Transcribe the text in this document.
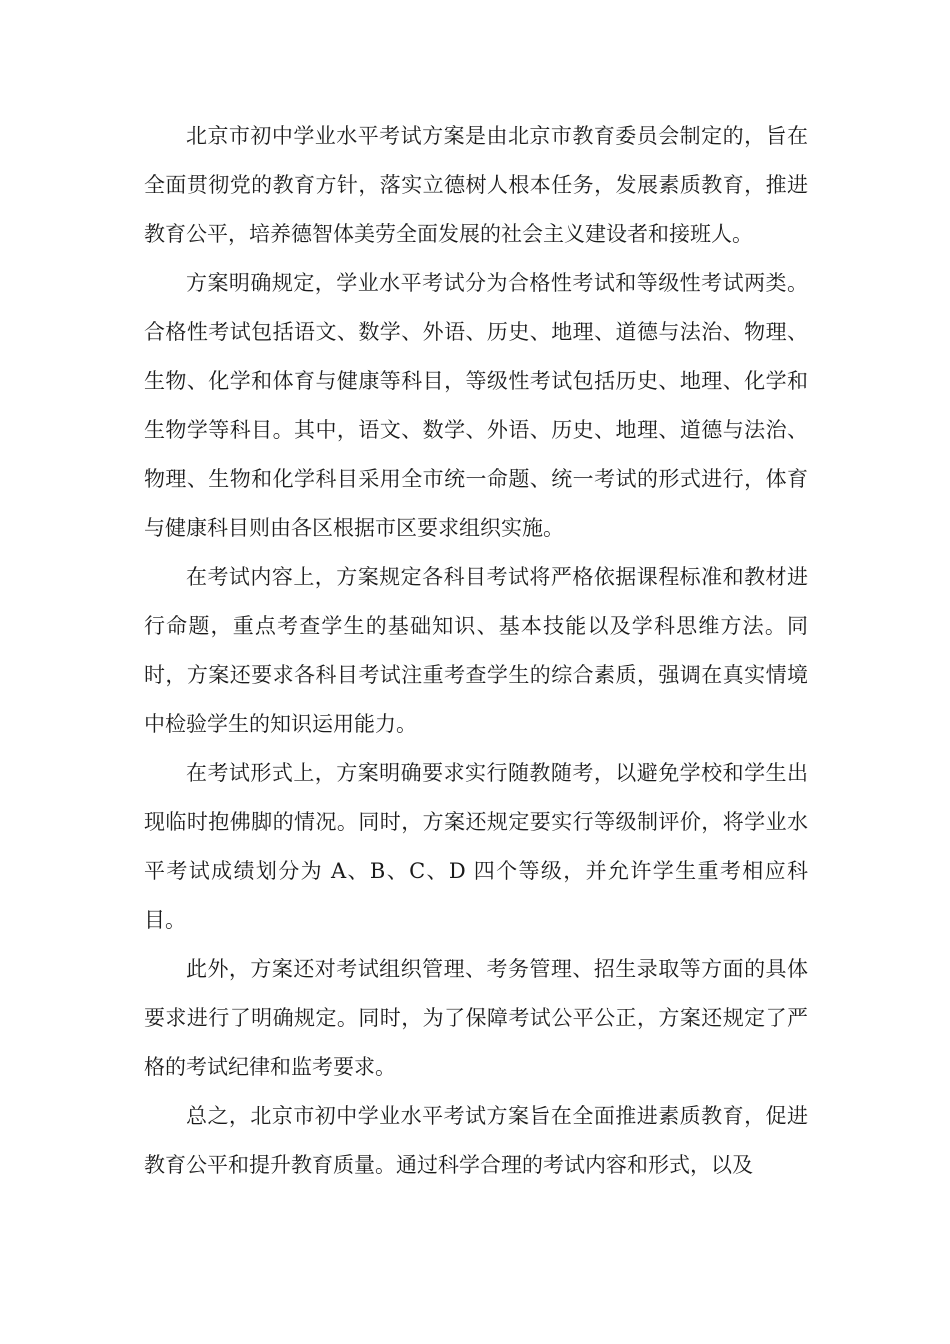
北京市初中学业水平考试方案是由北京市教育委员会制定的，旨在全面贯彻党的教育方针，落实立德树人根本任务，发展素质教育，推进教育公平，培养德智体美劳全面发展的社会主义建设者和接班人。

方案明确规定，学业水平考试分为合格性考试和等级性考试两类。合格性考试包括语文、数学、外语、历史、地理、道德与法治、物理、生物、化学和体育与健康等科目，等级性考试包括历史、地理、化学和生物学等科目。其中，语文、数学、外语、历史、地理、道德与法治、物理、生物和化学科目采用全市统一命题、统一考试的形式进行，体育与健康科目则由各区根据市区要求组织实施。

在考试内容上，方案规定各科目考试将严格依据课程标准和教材进行命题，重点考查学生的基础知识、基本技能以及学科思维方法。同时，方案还要求各科目考试注重考查学生的综合素质，强调在真实情境中检验学生的知识运用能力。

在考试形式上，方案明确要求实行随教随考，以避免学校和学生出现临时抱佛脚的情况。同时，方案还规定要实行等级制评价，将学业水平考试成绩划分为 A、B、C、D 四个等级，并允许学生重考相应科目。

此外，方案还对考试组织管理、考务管理、招生录取等方面的具体要求进行了明确规定。同时，为了保障考试公平公正，方案还规定了严格的考试纪律和监考要求。

总之，北京市初中学业水平考试方案旨在全面推进素质教育，促进教育公平和提升教育质量。通过科学合理的考试内容和形式，以及
